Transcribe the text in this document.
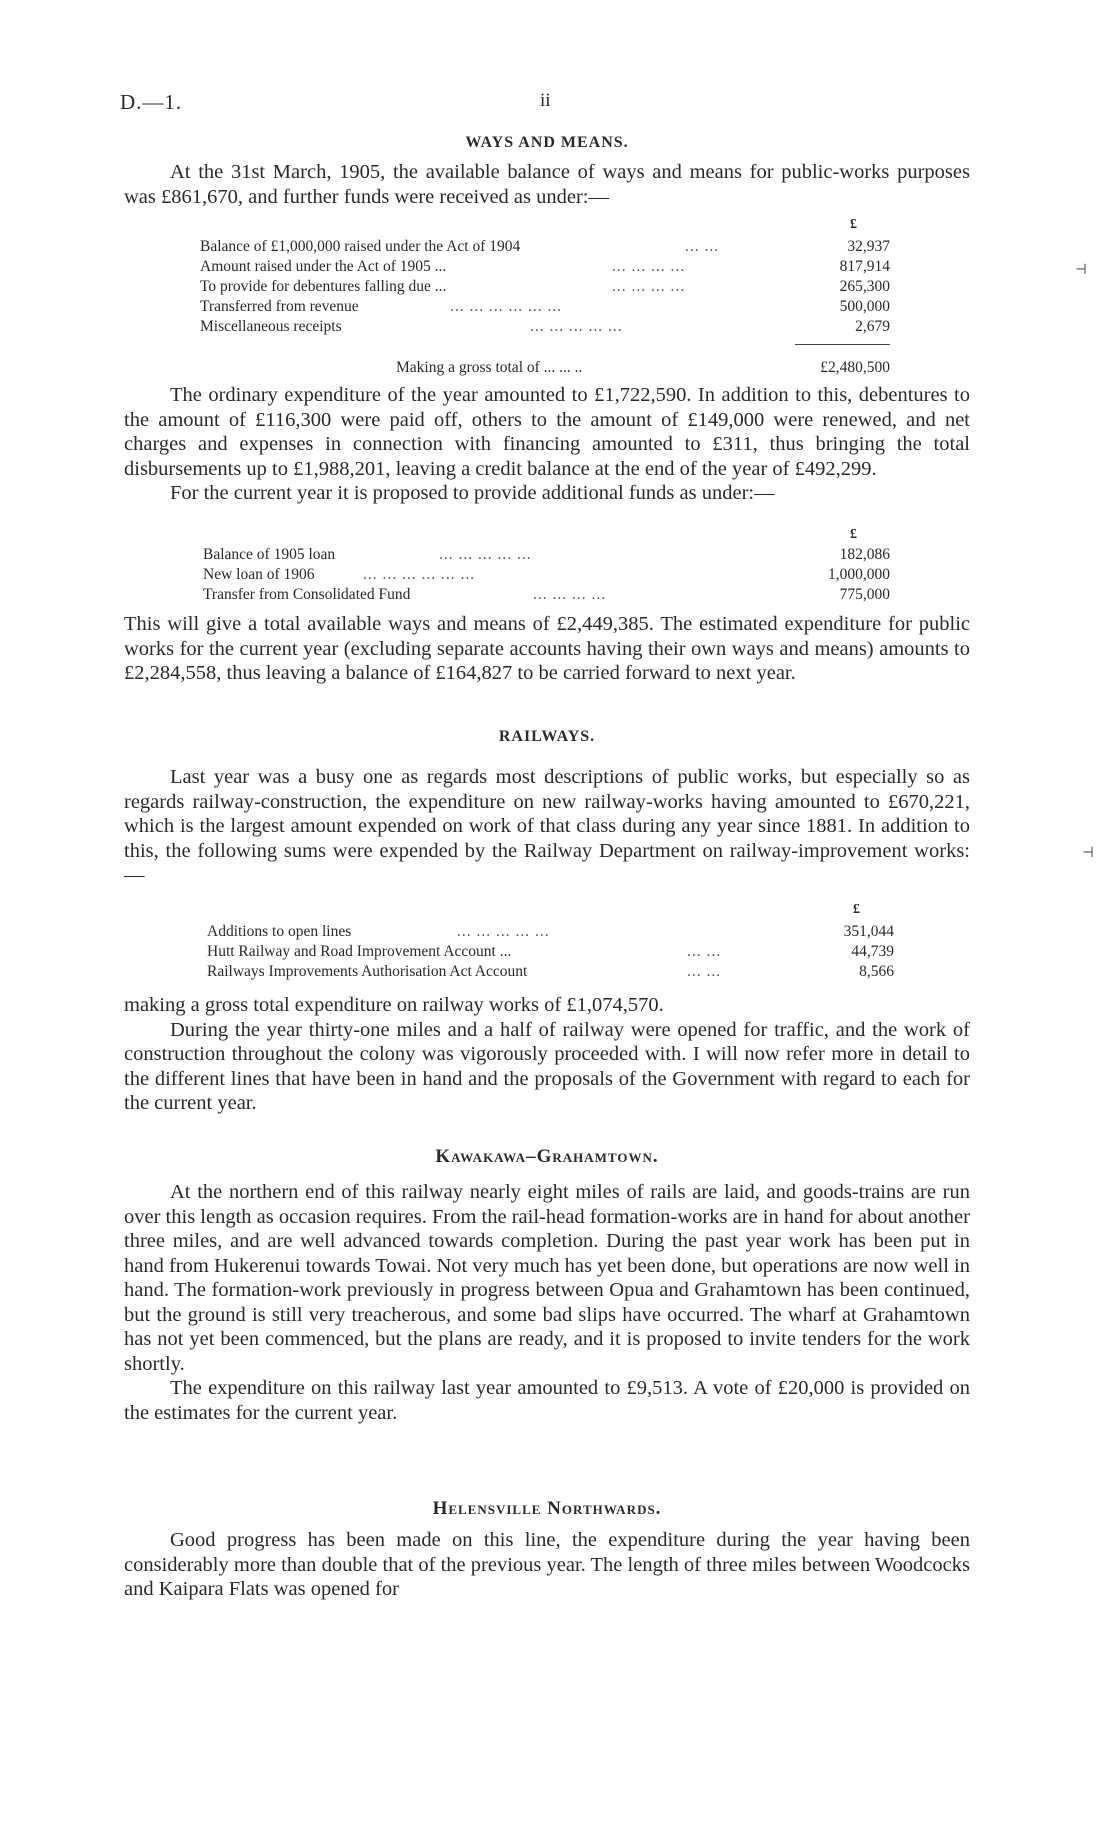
D.—1.	ii
WAYS AND MEANS.

At the 31st March, 1905, the available balance of ways and means for public-works purposes was £861,670, and further funds were received as under:—

£
Balance of £1,000,000 raised under the Act of 1904	... ...	32,937
Amount raised under the Act of 1905 ...	... ... ... ...	817,914
To provide for debentures falling due ...	... ... ... ...	265,300
Transferred from revenue	... ... ... ... ... ...	500,000
Miscellaneous receipts	... ... ... ... ...	2,679
Making a gross total of ... ... ..	£2,480,500

The ordinary expenditure of the year amounted to £1,722,590. In addition to this, debentures to the amount of £116,300 were paid off, others to the amount of £149,000 were renewed, and net charges and expenses in connection with financing amounted to £311, thus bringing the total disbursements up to £1,988,201, leaving a credit balance at the end of the year of £492,299.

For the current year it is proposed to provide additional funds as under:—

£
Balance of 1905 loan	... ... ... ... ...	182,086
New loan of 1906	... ... ... ... ... ...	1,000,000
Transfer from Consolidated Fund	... ... ... ...	775,000

This will give a total available ways and means of £2,449,385. The estimated expenditure for public works for the current year (excluding separate accounts having their own ways and means) amounts to £2,284,558, thus leaving a balance of £164,827 to be carried forward to next year.

RAILWAYS.

Last year was a busy one as regards most descriptions of public works, but especially so as regards railway-construction, the expenditure on new railway-works having amounted to £670,221, which is the largest amount expended on work of that class during any year since 1881. In addition to this, the following sums were expended by the Railway Department on railway-improvement works:—

£
Additions to open lines	... ... ... ... ...	351,044
Hutt Railway and Road Improvement Account ...	... ...	44,739
Railways Improvements Authorisation Act Account	... ...	8,566

making a gross total expenditure on railway works of £1,074,570.

During the year thirty-one miles and a half of railway were opened for traffic, and the work of construction throughout the colony was vigorously proceeded with. I will now refer more in detail to the different lines that have been in hand and the proposals of the Government with regard to each for the current year.

Kawakawa–Grahamtown.

At the northern end of this railway nearly eight miles of rails are laid, and goods-trains are run over this length as occasion requires. From the rail-head formation-works are in hand for about another three miles, and are well advanced towards completion. During the past year work has been put in hand from Hukerenui towards Towai. Not very much has yet been done, but operations are now well in hand. The formation-work previously in progress between Opua and Grahamtown has been continued, but the ground is still very treacherous, and some bad slips have occurred. The wharf at Grahamtown has not yet been commenced, but the plans are ready, and it is proposed to invite tenders for the work shortly.

The expenditure on this railway last year amounted to £9,513. A vote of £20,000 is provided on the estimates for the current year.

Helensville Northwards.

Good progress has been made on this line, the expenditure during the year having been considerably more than double that of the previous year. The length of three miles between Woodcocks and Kaipara Flats was opened for

⊣
⊣
